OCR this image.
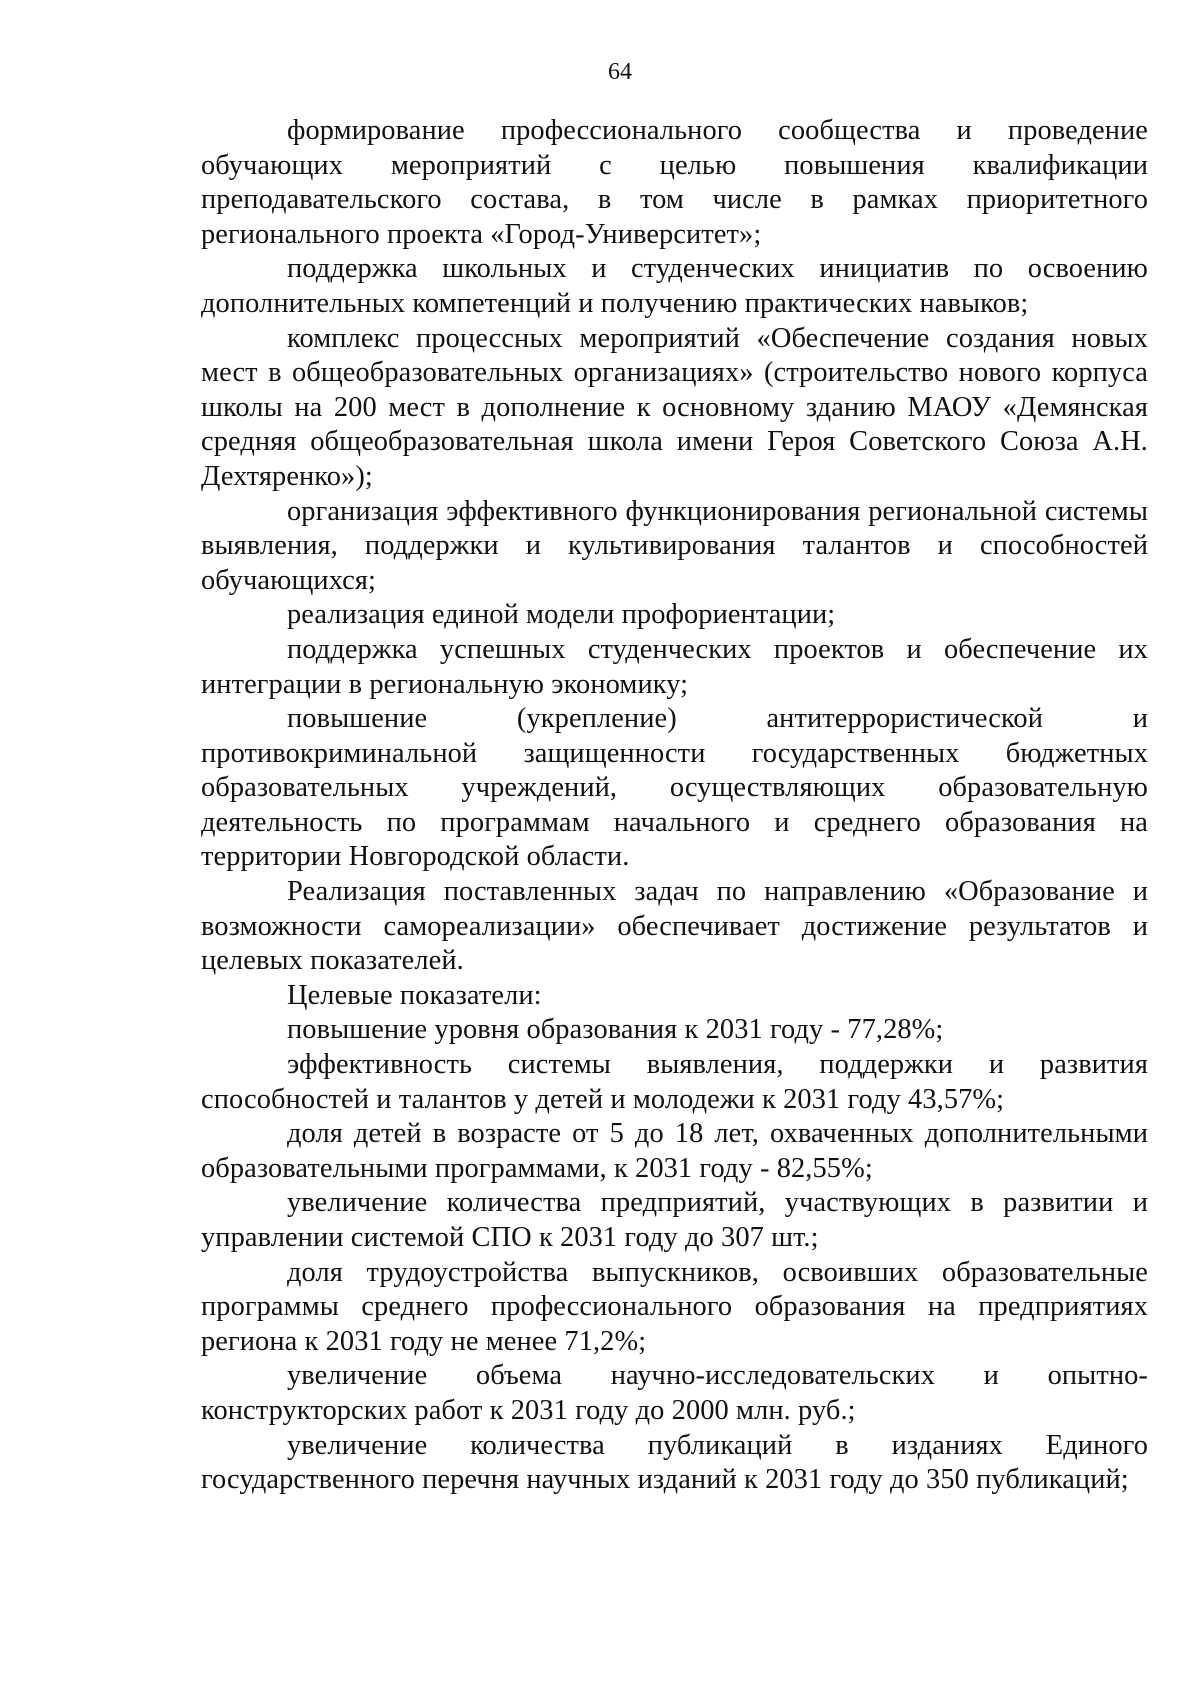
64

формирование профессионального сообщества и проведение обучающих мероприятий с целью повышения квалификации преподавательского состава, в том числе в рамках приоритетного регионального проекта «Город-Университет»;

поддержка школьных и студенческих инициатив по освоению дополнительных компетенций и получению практических навыков;

комплекс процессных мероприятий «Обеспечение создания новых мест в общеобразовательных организациях» (строительство нового корпуса школы на 200 мест в дополнение к основному зданию МАОУ «Демянская средняя общеобразовательная школа имени Героя Советского Союза А.Н. Дехтяренко»);

организация эффективного функционирования региональной системы выявления, поддержки и культивирования талантов и способностей обучающихся;

реализация единой модели профориентации;

поддержка успешных студенческих проектов и обеспечение их интеграции в региональную экономику;

повышение (укрепление) антитеррористической и противокриминальной защищенности государственных бюджетных образовательных учреждений, осуществляющих образовательную деятельность по программам начального и среднего образования на территории Новгородской области.

Реализация поставленных задач по направлению «Образование и возможности самореализации» обеспечивает достижение результатов и целевых показателей.

Целевые показатели:

повышение уровня образования к 2031 году - 77,28%;

эффективность системы выявления, поддержки и развития способностей и талантов у детей и молодежи к 2031 году 43,57%;

доля детей в возрасте от 5 до 18 лет, охваченных дополнительными образовательными программами, к 2031 году - 82,55%;

увеличение количества предприятий, участвующих в развитии и управлении системой СПО к 2031 году до 307 шт.;

доля трудоустройства выпускников, освоивших образовательные программы среднего профессионального образования на предприятиях региона к 2031 году не менее 71,2%;

увеличение объема научно-исследовательских и опытно-конструкторских работ к 2031 году до 2000 млн. руб.;

увеличение количества публикаций в изданиях Единого государственного перечня научных изданий к 2031 году до 350 публикаций;
